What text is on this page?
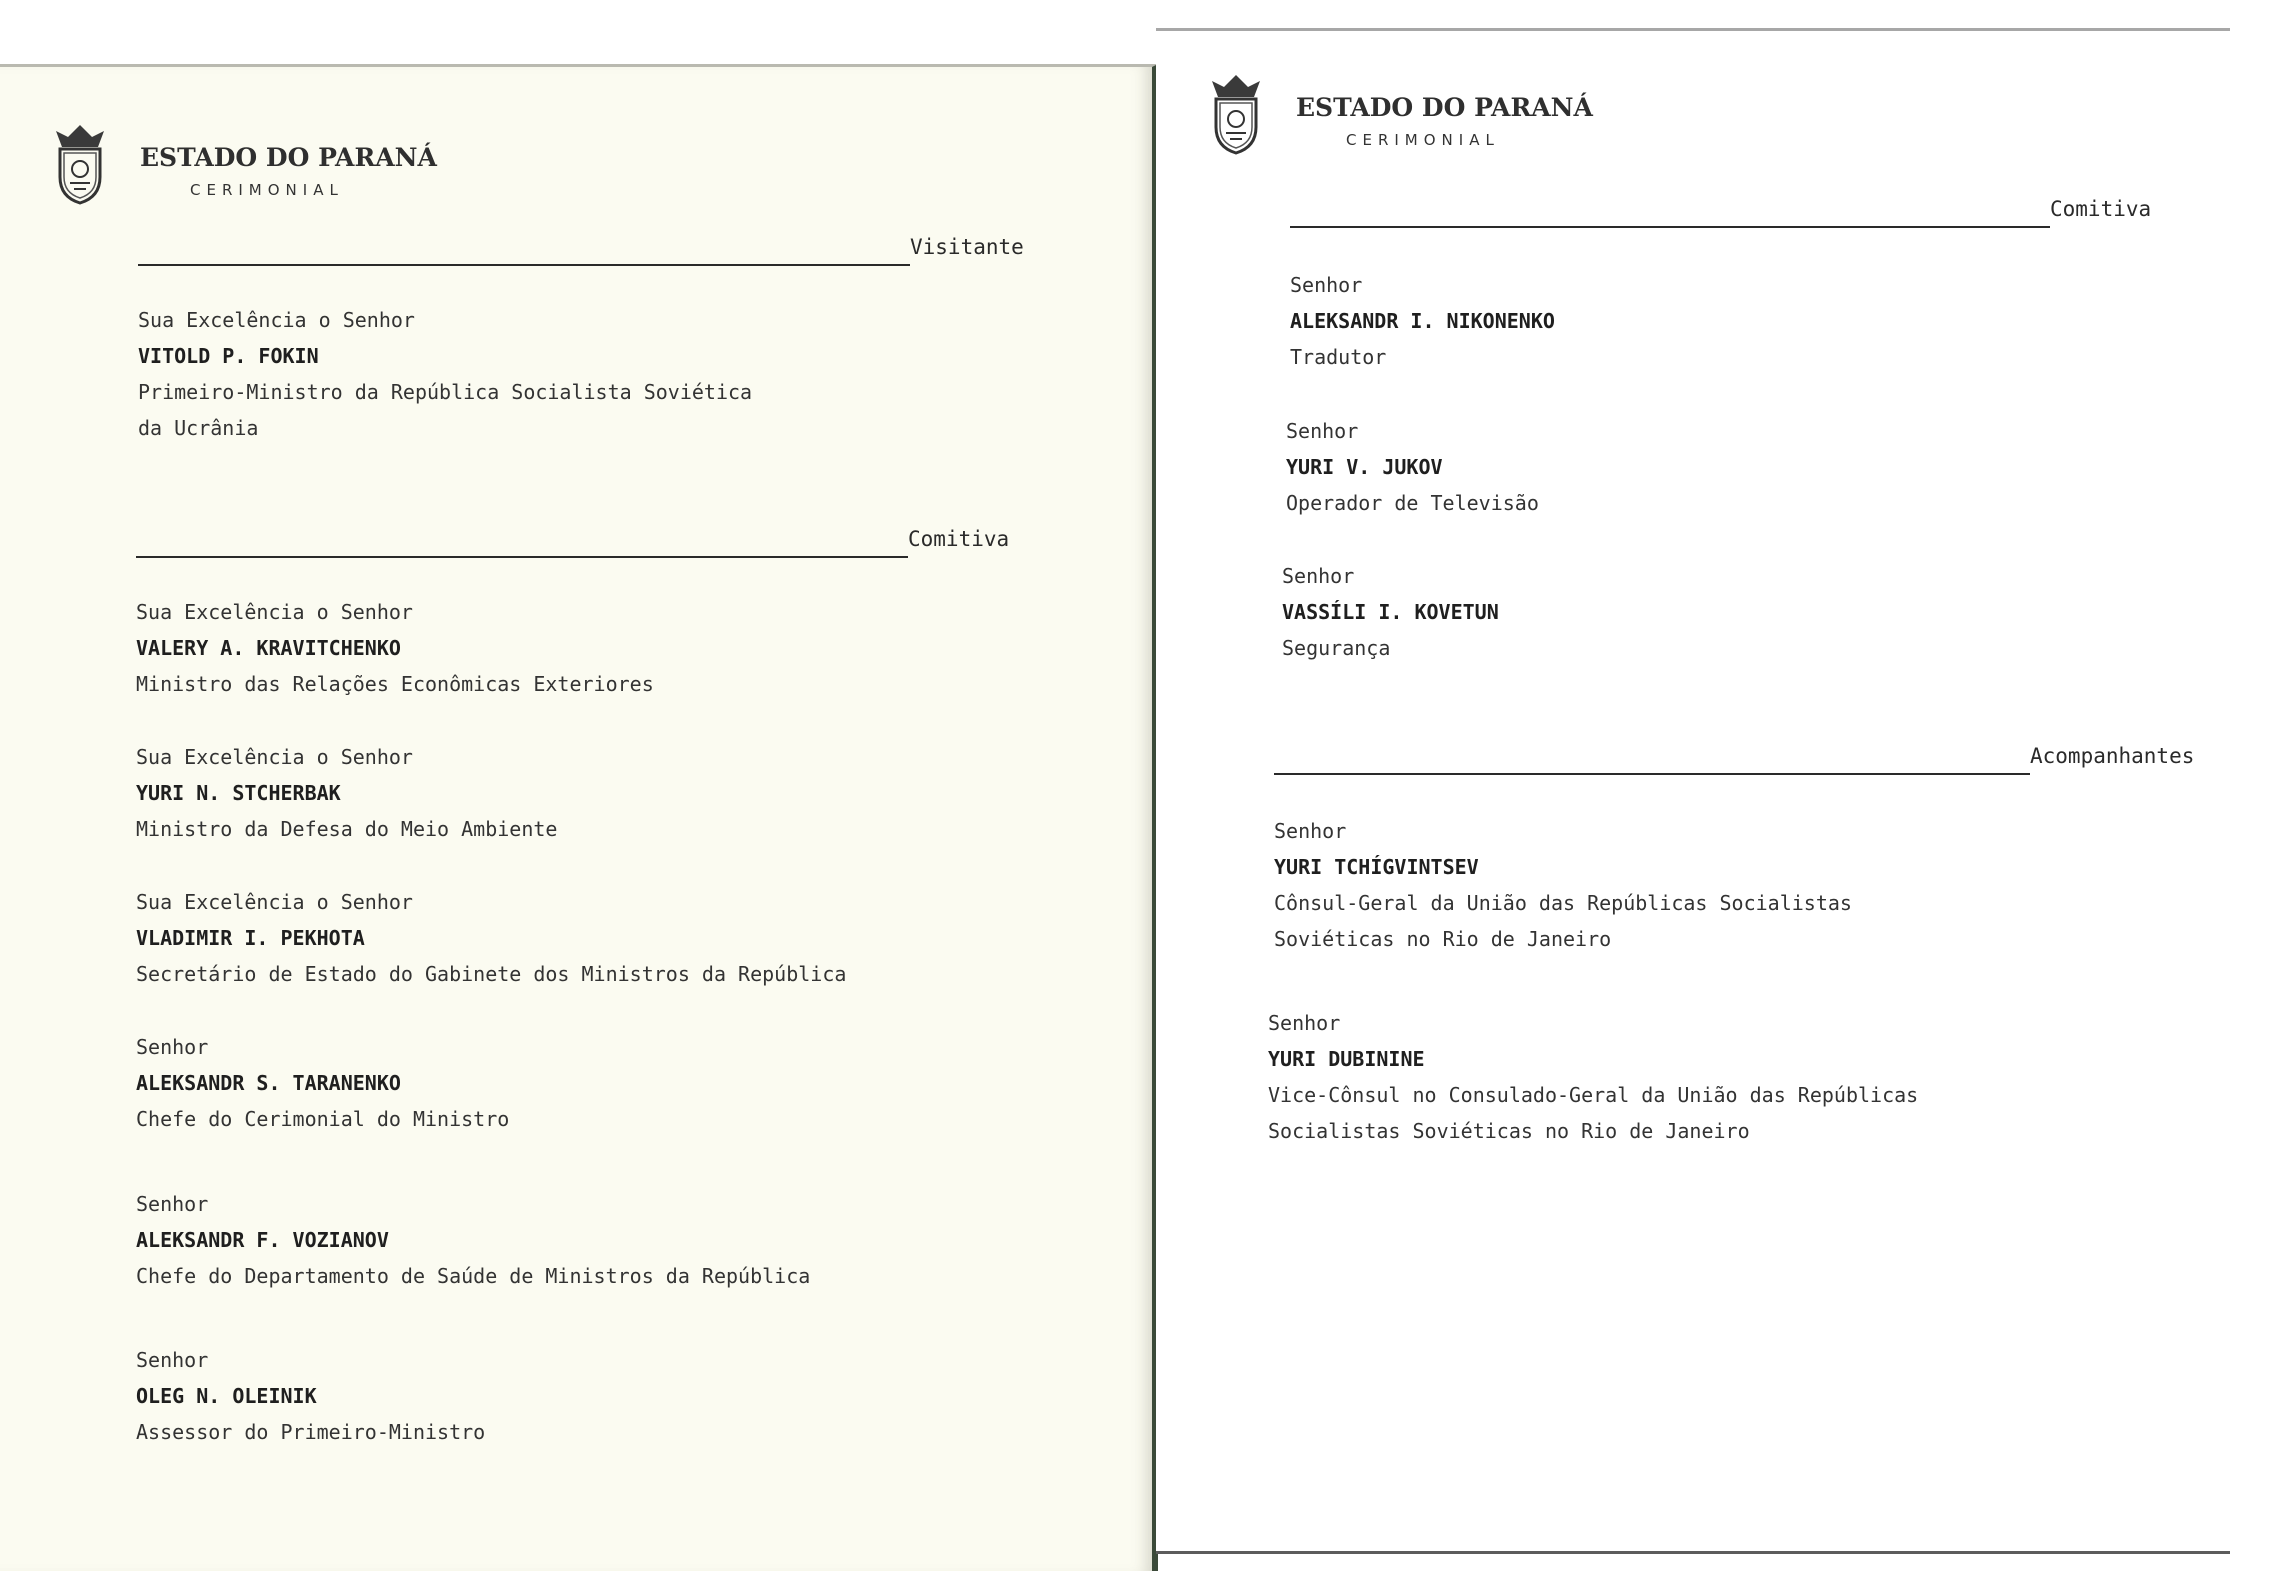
ESTADO DO PARANÁ
CERIMONIAL
Visitante
Sua Excelência o Senhor
VITOLD P. FOKIN
Primeiro-Ministro da República Socialista Soviética
da Ucrânia
Comitiva
Sua Excelência o Senhor
VALERY A. KRAVITCHENKO
Ministro das Relações Econômicas Exteriores
Sua Excelência o Senhor
YURI N. STCHERBAK
Ministro da Defesa do Meio Ambiente
Sua Excelência o Senhor
VLADIMIR I. PEKHOTA
Secretário de Estado do Gabinete dos Ministros da República
Senhor
ALEKSANDR S. TARANENKO
Chefe do Cerimonial do Ministro
Senhor
ALEKSANDR F. VOZIANOV
Chefe do Departamento de Saúde de Ministros da República
Senhor
OLEG N. OLEINIK
Assessor do Primeiro-Ministro
ESTADO DO PARANÁ
CERIMONIAL
Comitiva
Senhor
ALEKSANDR I. NIKONENKO
Tradutor
Senhor
YURI V. JUKOV
Operador de Televisão
Senhor
VASSÍLI I. KOVETUN
Segurança
Acompanhantes
Senhor
YURI TCHÍGVINTSEV
Cônsul-Geral da União das Repúblicas Socialistas
Soviéticas no Rio de Janeiro
Senhor
YURI DUBININE
Vice-Cônsul no Consulado-Geral da União das Repúblicas
Socialistas Soviéticas no Rio de Janeiro
